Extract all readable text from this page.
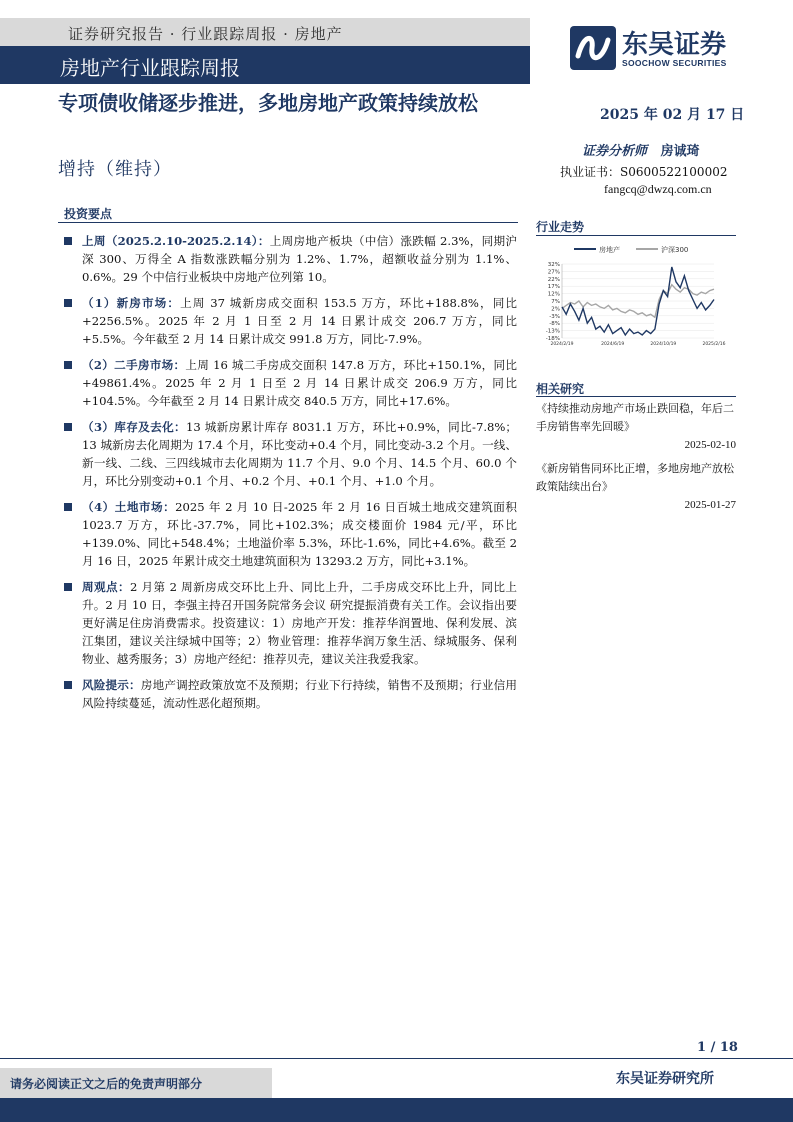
证券研究报告 · 行业跟踪周报 · 房地产
房地产行业跟踪周报
东吴证券
SOOCHOW SECURITIES
专项债收储逐步推进，多地房地产政策持续放松
增持（维持）
2025 年 02 月 17 日
证券分析师 房诚琦
执业证书：S0600522100002
fangcq@dwzq.com.cn
投资要点
上周（2025.2.10-2025.2.14）：上周房地产板块（中信）涨跌幅 2.3%，同期沪深 300、万得全 A 指数涨跌幅分别为 1.2%、1.7%，超额收益分别为 1.1%、0.6%。29 个中信行业板块中房地产位列第 10。
（1）新房市场：上周 37 城新房成交面积 153.5 万方，环比+188.8%，同比+2256.5%。2025 年 2 月 1 日至 2 月 14 日累计成交 206.7 万方，同比+5.5%。今年截至 2 月 14 日累计成交 991.8 万方，同比-7.9%。
（2）二手房市场：上周 16 城二手房成交面积 147.8 万方，环比+150.1%，同比+49861.4%。2025 年 2 月 1 日至 2 月 14 日累计成交 206.9 万方，同比+104.5%。今年截至 2 月 14 日累计成交 840.5 万方，同比+17.6%。
（3）库存及去化：13 城新房累计库存 8031.1 万方，环比+0.9%，同比-7.8%；13 城新房去化周期为 17.4 个月，环比变动+0.4 个月，同比变动-3.2 个月。一线、新一线、二线、三四线城市去化周期为 11.7 个月、9.0 个月、14.5 个月、60.0 个月，环比分别变动+0.1 个月、+0.2 个月、+0.1 个月、+1.0 个月。
（4）土地市场：2025 年 2 月 10 日-2025 年 2 月 16 日百城土地成交建筑面积 1023.7 万方，环比-37.7%，同比+102.3%；成交楼面价 1984 元/平，环比+139.0%、同比+548.4%；土地溢价率 5.3%，环比-1.6%，同比+4.6%。截至 2 月 16 日，2025 年累计成交土地建筑面积为 13293.2 万方，同比+3.1%。
周观点：2 月第 2 周新房成交环比上升、同比上升，二手房成交环比上升，同比上升。2 月 10 日，李强主持召开国务院常务会议 研究提振消费有关工作。会议指出要更好满足住房消费需求。投资建议：1）房地产开发：推荐华润置地、保利发展、滨江集团，建议关注绿城中国等；2）物业管理：推荐华润万象生活、绿城服务、保利物业、越秀服务；3）房地产经纪：推荐贝壳，建议关注我爱我家。
风险提示：房地产调控政策放宽不及预期；行业下行持续，销售不及预期；行业信用风险持续蔓延，流动性恶化超预期。
行业走势
房地产	沪深300
32%
27%
22%
17%
12%
7%
2%
-3%
-8%
-13%
-18%
2024/2/19	2024/6/19	2024/10/19	2025/2/16
相关研究
《持续推动房地产市场止跌回稳，年后二手房销售率先回暖》
2025-02-10
《新房销售同环比正增，多地房地产放松政策陆续出台》
2025-01-27
1 / 18
请务必阅读正文之后的免责声明部分	东吴证券研究所
